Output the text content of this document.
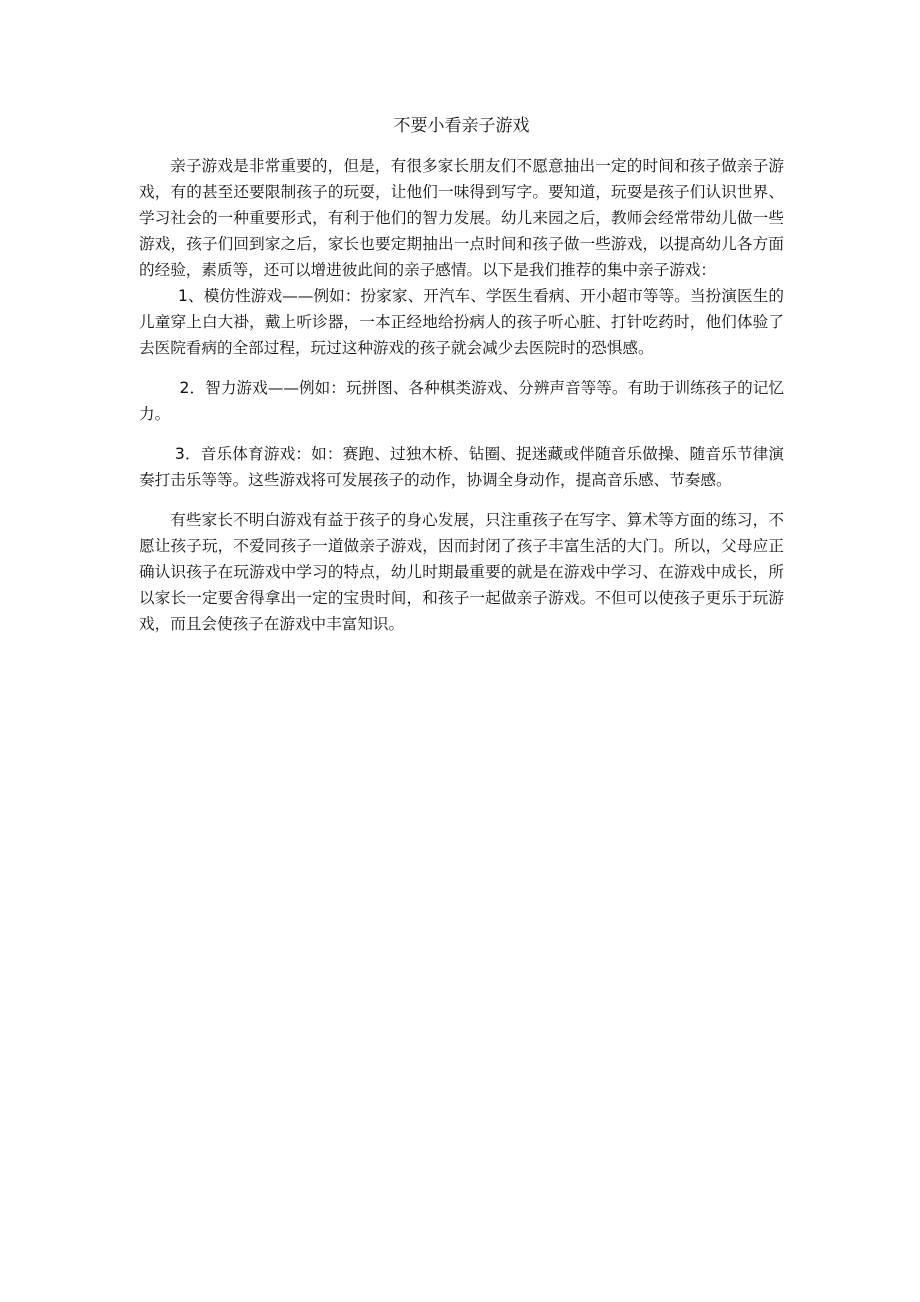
不要小看亲子游戏

亲子游戏是非常重要的，但是，有很多家长朋友们不愿意抽出一定的时间和孩子做亲子游戏，有的甚至还要限制孩子的玩耍，让他们一味得到写字。要知道，玩耍是孩子们认识世界、学习社会的一种重要形式，有利于他们的智力发展。幼儿来园之后，教师会经常带幼儿做一些游戏，孩子们回到家之后，家长也要定期抽出一点时间和孩子做一些游戏，以提高幼儿各方面的经验，素质等，还可以增进彼此间的亲子感情。以下是我们推荐的集中亲子游戏：

1、模仿性游戏——例如：扮家家、开汽车、学医生看病、开小超市等等。当扮演医生的儿童穿上白大褂，戴上听诊器，一本正经地给扮病人的孩子听心脏、打针吃药时，他们体验了去医院看病的全部过程，玩过这种游戏的孩子就会减少去医院时的恐惧感。

2．智力游戏——例如：玩拼图、各种棋类游戏、分辨声音等等。有助于训练孩子的记忆力。

3．音乐体育游戏：如：赛跑、过独木桥、钻圈、捉迷藏或伴随音乐做操、随音乐节律演奏打击乐等等。这些游戏将可发展孩子的动作，协调全身动作，提高音乐感、节奏感。

有些家长不明白游戏有益于孩子的身心发展，只注重孩子在写字、算术等方面的练习，不愿让孩子玩，不爱同孩子一道做亲子游戏，因而封闭了孩子丰富生活的大门。所以，父母应正确认识孩子在玩游戏中学习的特点，幼儿时期最重要的就是在游戏中学习、在游戏中成长，所以家长一定要舍得拿出一定的宝贵时间，和孩子一起做亲子游戏。不但可以使孩子更乐于玩游戏，而且会使孩子在游戏中丰富知识。
